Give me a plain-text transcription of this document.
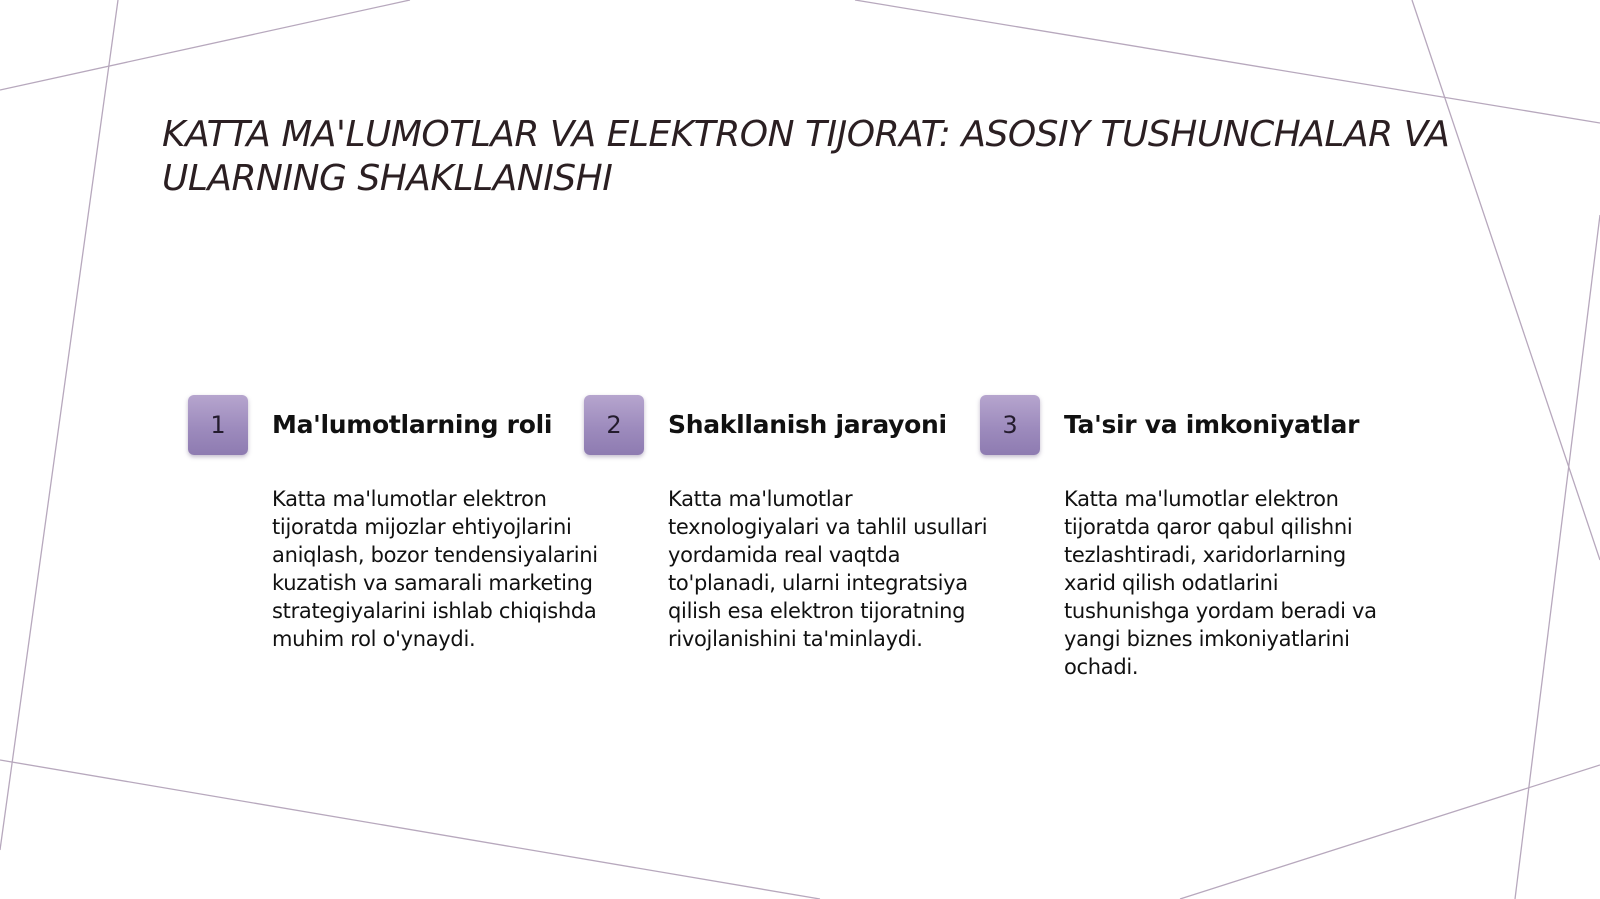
KATTA MA'LUMOTLAR VA ELEKTRON TIJORAT: ASOSIY TUSHUNCHALAR VA ULARNING SHAKLLANISHI
1	Ma'lumotlarning roli

Katta ma'lumotlar elektron tijoratda mijozlar ehtiyojlarini aniqlash, bozor tendensiyalarini kuzatish va samarali marketing strategiyalarini ishlab chiqishda muhim rol o'ynaydi.

2	Shakllanish jarayoni

Katta ma'lumotlar texnologiyalari va tahlil usullari yordamida real vaqtda to'planadi, ularni integratsiya qilish esa elektron tijoratning rivojlanishini ta'minlaydi.

3	Ta'sir va imkoniyatlar

Katta ma'lumotlar elektron tijoratda qaror qabul qilishni tezlashtiradi, xaridorlarning xarid qilish odatlarini tushunishga yordam beradi va yangi biznes imkoniyatlarini ochadi.
